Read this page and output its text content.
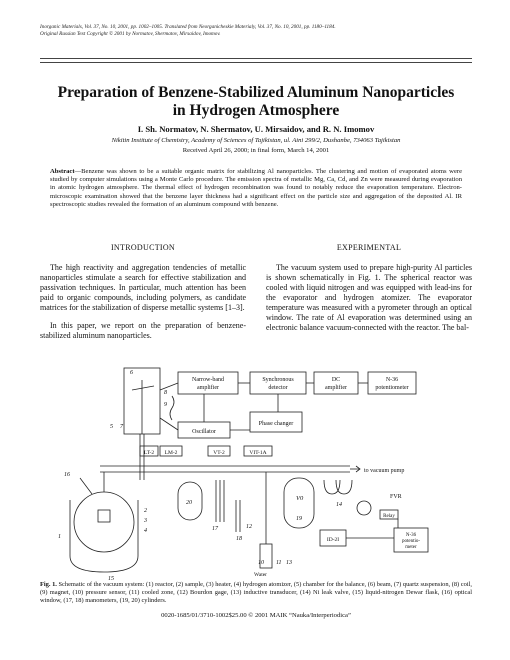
Inorganic Materials, Vol. 37, No. 10, 2001, pp. 1002–1005. Translated from Neorganicheskie Materialy, Vol. 37, No. 10, 2001, pp. 1180–1184.
Original Russian Text Copyright © 2001 by Normatov, Shermatov, Mirsaidov, Imomov.
Preparation of Benzene-Stabilized Aluminum Nanoparticles
in Hydrogen Atmosphere
I. Sh. Normatov, N. Shermatov, U. Mirsaidov, and R. N. Imomov
Nikitin Institute of Chemistry, Academy of Sciences of Tajikistan, ul. Aini 299/2, Dushanbe, 734063 Tajikistan
Received April 26, 2000; in final form, March 14, 2001

Abstract—Benzene was shown to be a suitable organic matrix for stabilizing Al nanoparticles. The clustering and motion of evaporated atoms were studied by computer simulations using a Monte Carlo procedure. The emission spectra of metallic Mg, Ca, Cd, and Zn were measured during evaporation in atomic hydrogen atmosphere. The thermal effect of hydrogen recombination was found to notably reduce the evaporation temperature. Electron-microscopic examination showed that the benzene layer thickness had a significant effect on the particle size and aggregation of the deposited Al. IR spectroscopic studies revealed the formation of an aluminum compound with benzene.

INTRODUCTION

The high reactivity and aggregation tendencies of metallic nanoparticles stimulate a search for effective stabilization and passivation techniques. In particular, much attention has been paid to organic compounds, including polymers, as candidate matrices for the stabilization of disperse metallic systems [1–3].

In this paper, we report on the preparation of benzene-stabilized aluminum nanoparticles.

EXPERIMENTAL

The vacuum system used to prepare high-purity Al particles is shown schematically in Fig. 1. The spherical reactor was cooled with liquid nitrogen and was equipped with lead-ins for the evaporator and hydrogen atomizer. The evaporator temperature was measured with a pyrometer through an optical window. The rate of Al evaporation was determined using an electronic balance vacuum-connected with the reactor. The bal-

Narrow-band
amplifier
Synchronous
detector
DC
amplifier
N-36
potentiometer
Phase changer
Oscillator
LT-2 LM-2	VT-2	VIT-1A
to vacuum pump
V0
ID-2I
Relay
FVR
N-36
potentio-
meter
Water
1
2
3
4
5
6
7
8
9
10 11
12
13
14
15
16
17
18
19
20

Fig. 1. Schematic of the vacuum system: (1) reactor, (2) sample, (3) heater, (4) hydrogen atomizer, (5) chamber for the balance, (6) beam, (7) quartz suspension, (8) coil, (9) magnet, (10) pressure sensor, (11) cooled zone, (12) Bourdon gage, (13) inductive transducer, (14) Ni leak valve, (15) liquid-nitrogen Dewar flask, (16) optical window, (17, 18) manometers, (19, 20) cylinders.

0020-1685/01/3710-1002$25.00 © 2001 MAIK “Nauka/Interperiodica”
